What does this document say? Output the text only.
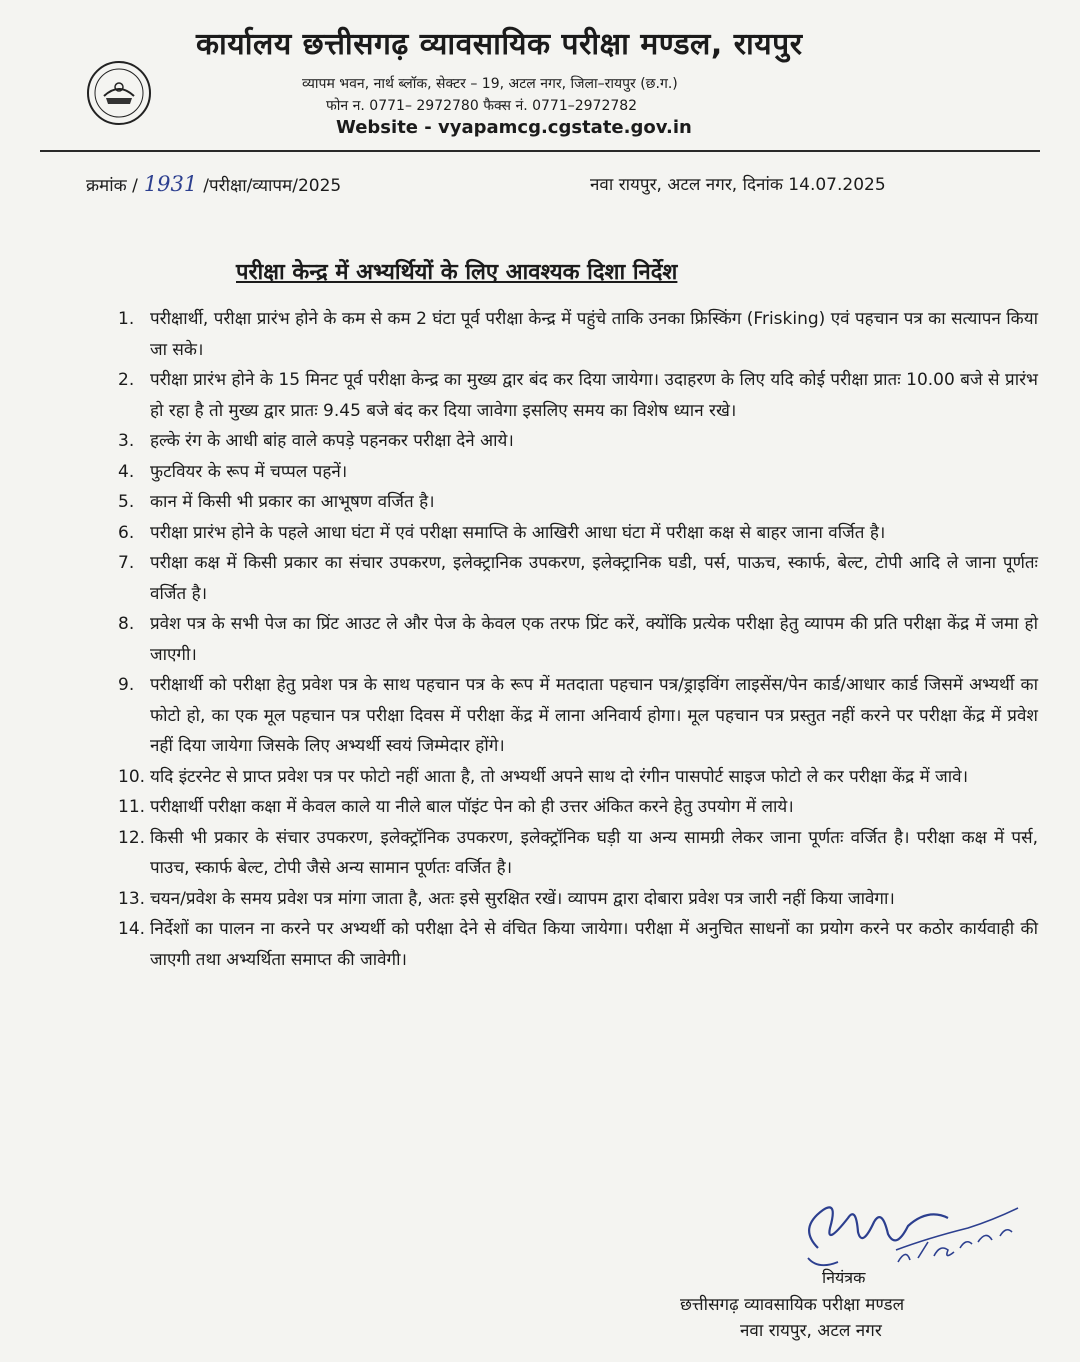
कार्यालय छत्तीसगढ़ व्यावसायिक परीक्षा मण्डल, रायपुर
व्यापम भवन, नार्थ ब्लॉक, सेक्टर – 19, अटल नगर, जिला–रायपुर (छ.ग.)
फोन न. 0771– 2972780 फैक्स नं. 0771–2972782
Website - vyapamcg.cgstate.gov.in
क्रमांक / 1931 /परीक्षा/व्यापम/2025	नवा रायपुर, अटल नगर, दिनांक 14.07.2025
परीक्षा केन्द्र में अभ्यर्थियों के लिए आवश्यक दिशा निर्देश
1. परीक्षार्थी, परीक्षा प्रारंभ होने के कम से कम 2 घंटा पूर्व परीक्षा केन्द्र में पहुंचे ताकि उनका फ्रिस्किंग (Frisking) एवं पहचान पत्र का सत्यापन किया जा सके।
2. परीक्षा प्रारंभ होने के 15 मिनट पूर्व परीक्षा केन्द्र का मुख्य द्वार बंद कर दिया जायेगा। उदाहरण के लिए यदि कोई परीक्षा प्रातः 10.00 बजे से प्रारंभ हो रहा है तो मुख्य द्वार प्रातः 9.45 बजे बंद कर दिया जावेगा इसलिए समय का विशेष ध्यान रखे।
3. हल्के रंग के आधी बांह वाले कपड़े पहनकर परीक्षा देने आये।
4. फुटवियर के रूप में चप्पल पहनें।
5. कान में किसी भी प्रकार का आभूषण वर्जित है।
6. परीक्षा प्रारंभ होने के पहले आधा घंटा में एवं परीक्षा समाप्ति के आखिरी आधा घंटा में परीक्षा कक्ष से बाहर जाना वर्जित है।
7. परीक्षा कक्ष में किसी प्रकार का संचार उपकरण, इलेक्ट्रानिक उपकरण, इलेक्ट्रानिक घडी, पर्स, पाऊच, स्कार्फ, बेल्ट, टोपी आदि ले जाना पूर्णतः वर्जित है।
8. प्रवेश पत्र के सभी पेज का प्रिंट आउट ले और पेज के केवल एक तरफ प्रिंट करें, क्योंकि प्रत्येक परीक्षा हेतु व्यापम की प्रति परीक्षा केंद्र में जमा हो जाएगी।
9. परीक्षार्थी को परीक्षा हेतु प्रवेश पत्र के साथ पहचान पत्र के रूप में मतदाता पहचान पत्र/ड्राइविंग लाइसेंस/पेन कार्ड/आधार कार्ड जिसमें अभ्यर्थी का फोटो हो, का एक मूल पहचान पत्र परीक्षा दिवस में परीक्षा केंद्र में लाना अनिवार्य होगा। मूल पहचान पत्र प्रस्तुत नहीं करने पर परीक्षा केंद्र में प्रवेश नहीं दिया जायेगा जिसके लिए अभ्यर्थी स्वयं जिम्मेदार होंगे।
10. यदि इंटरनेट से प्राप्त प्रवेश पत्र पर फोटो नहीं आता है, तो अभ्यर्थी अपने साथ दो रंगीन पासपोर्ट साइज फोटो ले कर परीक्षा केंद्र में जावे।
11. परीक्षार्थी परीक्षा कक्षा में केवल काले या नीले बाल पॉइंट पेन को ही उत्तर अंकित करने हेतु उपयोग में लाये।
12. किसी भी प्रकार के संचार उपकरण, इलेक्ट्रॉनिक उपकरण, इलेक्ट्रॉनिक घड़ी या अन्य सामग्री लेकर जाना पूर्णतः वर्जित है। परीक्षा कक्ष में पर्स, पाउच, स्कार्फ बेल्ट, टोपी जैसे अन्य सामान पूर्णतः वर्जित है।
13. चयन/प्रवेश के समय प्रवेश पत्र मांगा जाता है, अतः इसे सुरक्षित रखें। व्यापम द्वारा दोबारा प्रवेश पत्र जारी नहीं किया जावेगा।
14. निर्देशों का पालन ना करने पर अभ्यर्थी को परीक्षा देने से वंचित किया जायेगा। परीक्षा में अनुचित साधनों का प्रयोग करने पर कठोर कार्यवाही की जाएगी तथा अभ्यर्थिता समाप्त की जावेगी।
नियंत्रक
छत्तीसगढ़ व्यावसायिक परीक्षा मण्डल
नवा रायपुर, अटल नगर
